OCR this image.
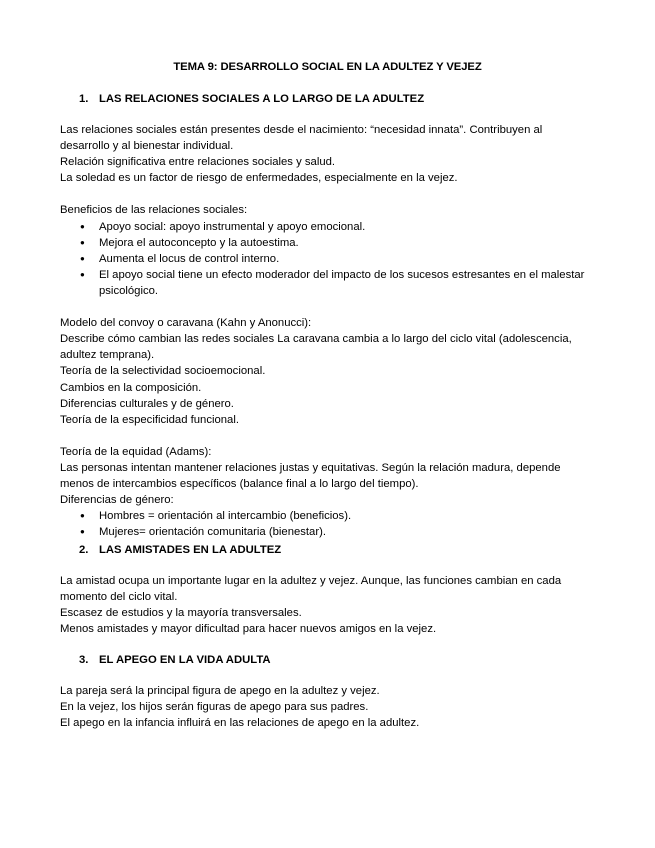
TEMA 9: DESARROLLO SOCIAL EN LA ADULTEZ Y VEJEZ
1. LAS RELACIONES SOCIALES A LO LARGO DE LA ADULTEZ

Las relaciones sociales están presentes desde el nacimiento: “necesidad innata”. Contribuyen al desarrollo y al bienestar individual.

Relación significativa entre relaciones sociales y salud.

La soledad es un factor de riesgo de enfermedades, especialmente en la vejez.

Beneficios de las relaciones sociales:

● Apoyo social: apoyo instrumental y apoyo emocional.
● Mejora el autoconcepto y la autoestima.
● Aumenta el locus de control interno.
● El apoyo social tiene un efecto moderador del impacto de los sucesos estresantes en el malestar psicológico.

Modelo del convoy o caravana (Kahn y Anonucci):

Describe cómo cambian las redes sociales La caravana cambia a lo largo del ciclo vital (adolescencia, adultez temprana).

Teoría de la selectividad socioemocional.

Cambios en la composición.

Diferencias culturales y de género.

Teoría de la especificidad funcional.

Teoría de la equidad (Adams):

Las personas intentan mantener relaciones justas y equitativas. Según la relación madura, depende menos de intercambios específicos (balance final a lo largo del tiempo).

Diferencias de género:

● Hombres = orientación al intercambio (beneficios).
● Mujeres= orientación comunitaria (bienestar).
2. LAS AMISTADES EN LA ADULTEZ

La amistad ocupa un importante lugar en la adultez y vejez. Aunque, las funciones cambian en cada momento del ciclo vital.

Escasez de estudios y la mayoría transversales.

Menos amistades y mayor dificultad para hacer nuevos amigos en la vejez.

3. EL APEGO EN LA VIDA ADULTA

La pareja será la principal figura de apego en la adultez y vejez.

En la vejez, los hijos serán figuras de apego para sus padres.

El apego en la infancia influirá en las relaciones de apego en la adultez.
